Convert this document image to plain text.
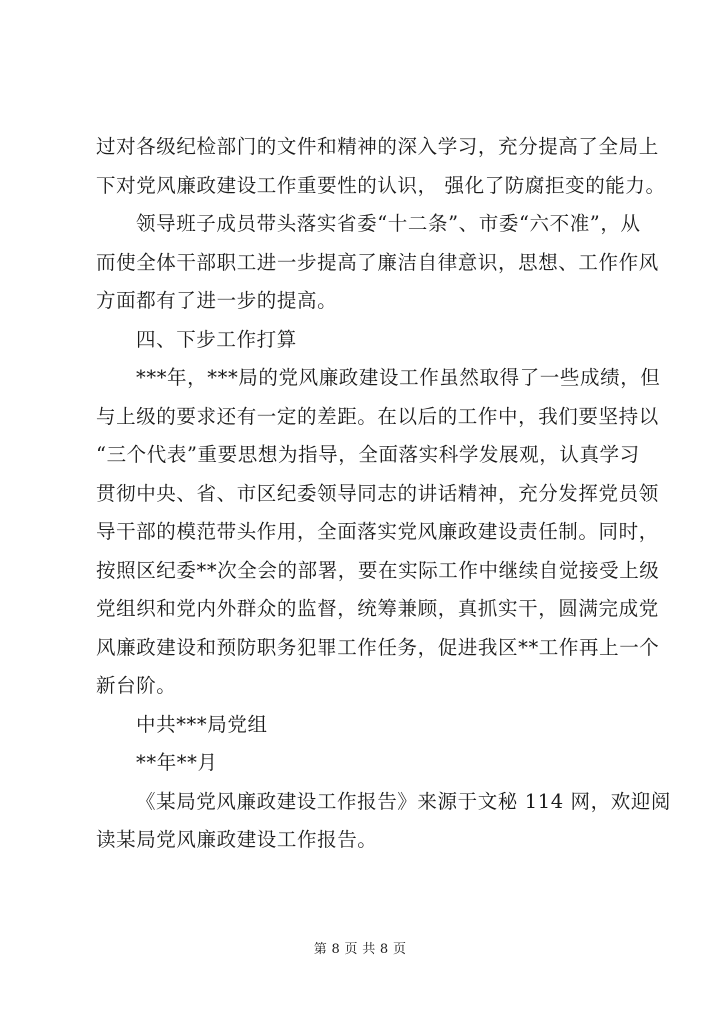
过对各级纪检部门的文件和精神的深入学习，充分提高了全局上
下对党风廉政建设工作重要性的认识， 强化了防腐拒变的能力。
领导班子成员带头落实省委“十二条”、市委“六不准”，从
而使全体干部职工进一步提高了廉洁自律意识，思想、工作作风
方面都有了进一步的提高。
四、下步工作打算
***年，***局的党风廉政建设工作虽然取得了一些成绩，但
与上级的要求还有一定的差距。在以后的工作中，我们要坚持以
“三个代表”重要思想为指导，全面落实科学发展观，认真学习
贯彻中央、省、市区纪委领导同志的讲话精神，充分发挥党员领
导干部的模范带头作用，全面落实党风廉政建设责任制。同时，
按照区纪委**次全会的部署，要在实际工作中继续自觉接受上级
党组织和党内外群众的监督，统筹兼顾，真抓实干，圆满完成党
风廉政建设和预防职务犯罪工作任务，促进我区**工作再上一个
新台阶。
中共***局党组
**年**月
《某局党风廉政建设工作报告》来源于文秘 114 网，欢迎阅
读某局党风廉政建设工作报告。
第 8 页 共 8 页
